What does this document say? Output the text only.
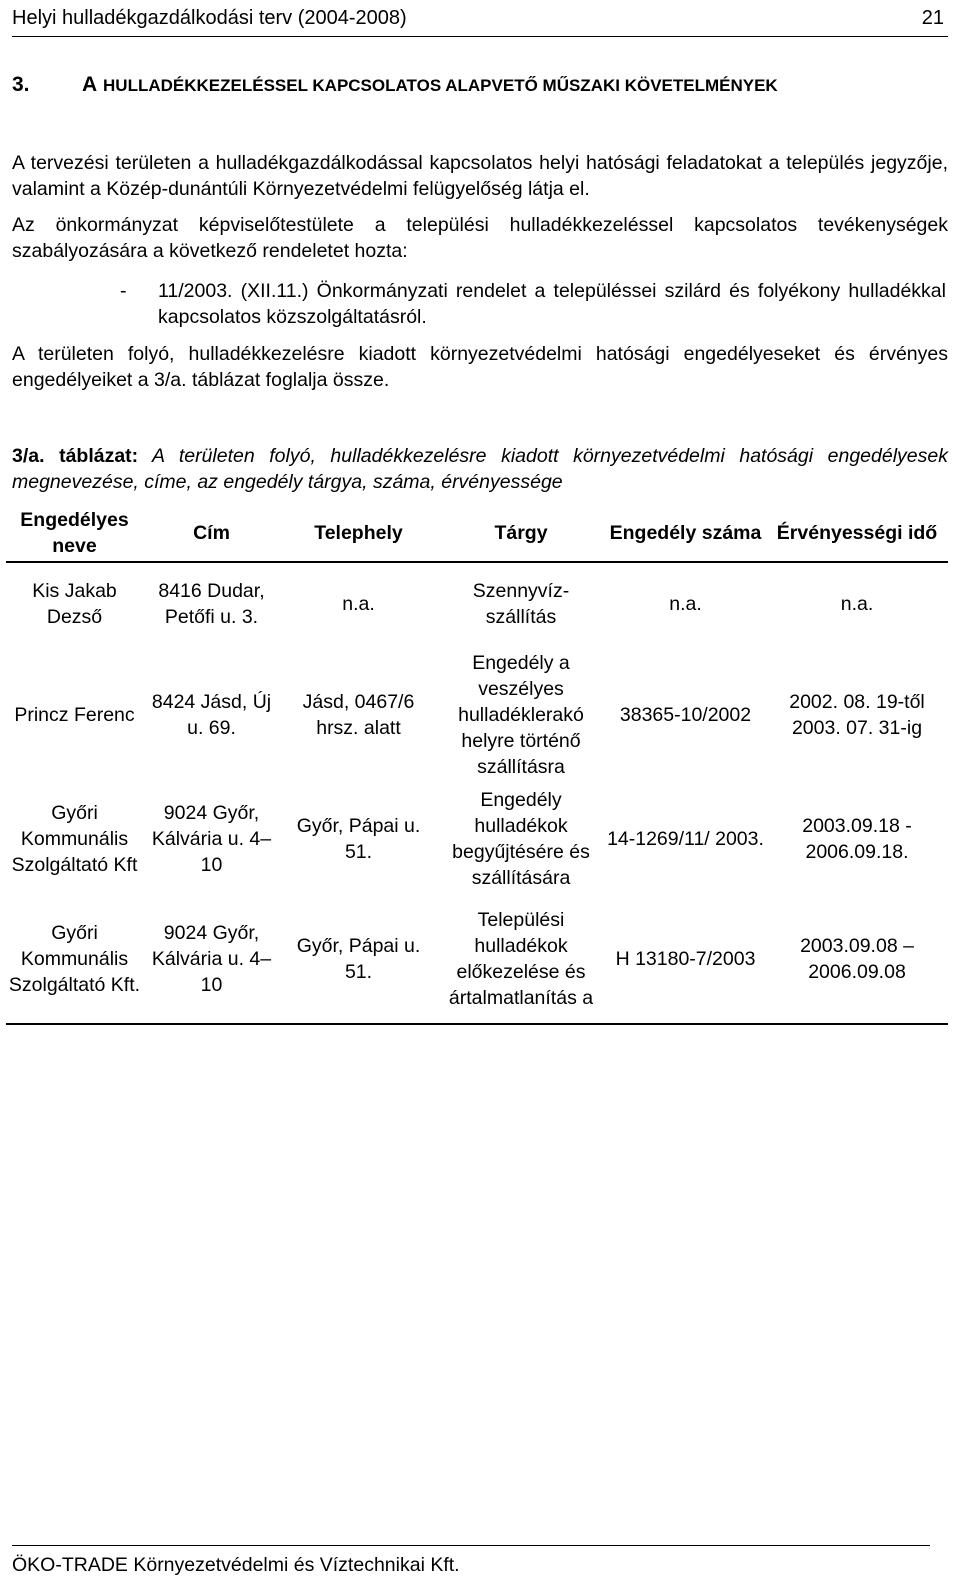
Helyi hulladékgazdálkodási terv (2004-2008)	21
3. A HULLADÉKKEZELÉSSEL KAPCSOLATOS ALAPVETŐ MŰSZAKI KÖVETELMÉNYEK
A tervezési területen a hulladékgazdálkodással kapcsolatos helyi hatósági feladatokat a település jegyzője, valamint a Közép-dunántúli Környezetvédelmi felügyelőség látja el.
Az önkormányzat képviselőtestülete a települési hulladékkezeléssel kapcsolatos tevékenységek szabályozására a következő rendeletet hozta:
- 11/2003. (XII.11.) Önkormányzati rendelet a településsei szilárd és folyékony hulladékkal kapcsolatos közszolgáltatásról.
A területen folyó, hulladékkezelésre kiadott környezetvédelmi hatósági engedélyeseket és érvényes engedélyeiket a 3/a. táblázat foglalja össze.
3/a. táblázat: A területen folyó, hulladékkezelésre kiadott környezetvédelmi hatósági engedélyesek megnevezése, címe, az engedély tárgya, száma, érvényessége
Engedélyes neve	Cím	Telephely	Tárgy	Engedély száma	Érvényességi idő
Kis Jakab Dezső	8416 Dudar, Petőfi u. 3.	n.a.	Szennyvíz-szállítás	n.a.	n.a.
Princz Ferenc	8424 Jásd, Új u. 69.	Jásd, 0467/6 hrsz. alatt	Engedély a veszélyes hulladéklerakó helyre történő szállításra	38365-10/2002	2002. 08. 19-től 2003. 07. 31-ig
Győri Kommunális Szolgáltató Kft	9024 Győr, Kálvária u. 4–10	Győr, Pápai u. 51.	Engedély hulladékok begyűjtésére és szállítására	14-1269/11/ 2003.	2003.09.18 - 2006.09.18.
Győri Kommunális Szolgáltató Kft.	9024 Győr, Kálvária u. 4–10	Győr, Pápai u. 51.	Települési hulladékok előkezelése és ártalmatlanítás a	H 13180-7/2003	2003.09.08 – 2006.09.08
ÖKO-TRADE Környezetvédelmi és Víztechnikai Kft.
